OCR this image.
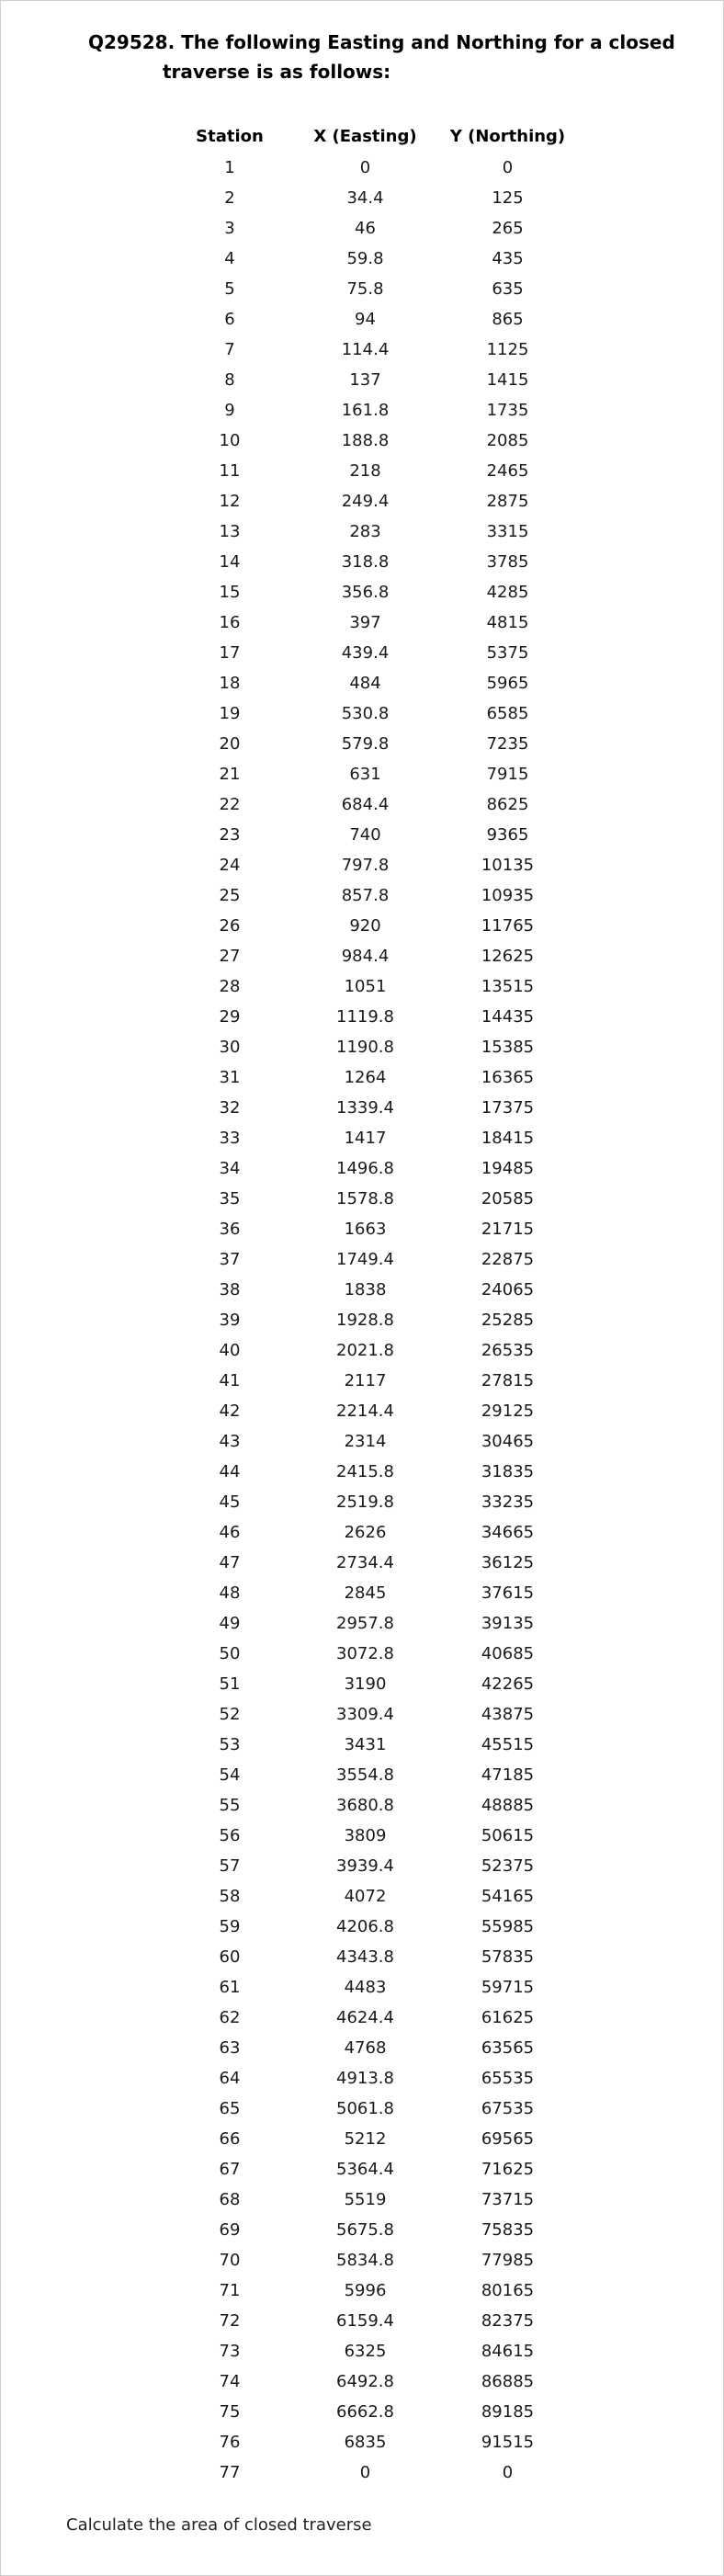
Q29528. The following Easting and Northing for a closed
traverse is as follows:
Station	X (Easting)	Y (Northing)
1	0	0
2	34.4	125
3	46	265
4	59.8	435
5	75.8	635
6	94	865
7	114.4	1125
8	137	1415
9	161.8	1735
10	188.8	2085
11	218	2465
12	249.4	2875
13	283	3315
14	318.8	3785
15	356.8	4285
16	397	4815
17	439.4	5375
18	484	5965
19	530.8	6585
20	579.8	7235
21	631	7915
22	684.4	8625
23	740	9365
24	797.8	10135
25	857.8	10935
26	920	11765
27	984.4	12625
28	1051	13515
29	1119.8	14435
30	1190.8	15385
31	1264	16365
32	1339.4	17375
33	1417	18415
34	1496.8	19485
35	1578.8	20585
36	1663	21715
37	1749.4	22875
38	1838	24065
39	1928.8	25285
40	2021.8	26535
41	2117	27815
42	2214.4	29125
43	2314	30465
44	2415.8	31835
45	2519.8	33235
46	2626	34665
47	2734.4	36125
48	2845	37615
49	2957.8	39135
50	3072.8	40685
51	3190	42265
52	3309.4	43875
53	3431	45515
54	3554.8	47185
55	3680.8	48885
56	3809	50615
57	3939.4	52375
58	4072	54165
59	4206.8	55985
60	4343.8	57835
61	4483	59715
62	4624.4	61625
63	4768	63565
64	4913.8	65535
65	5061.8	67535
66	5212	69565
67	5364.4	71625
68	5519	73715
69	5675.8	75835
70	5834.8	77985
71	5996	80165
72	6159.4	82375
73	6325	84615
74	6492.8	86885
75	6662.8	89185
76	6835	91515
77	0	0
Calculate the area of closed traverse
